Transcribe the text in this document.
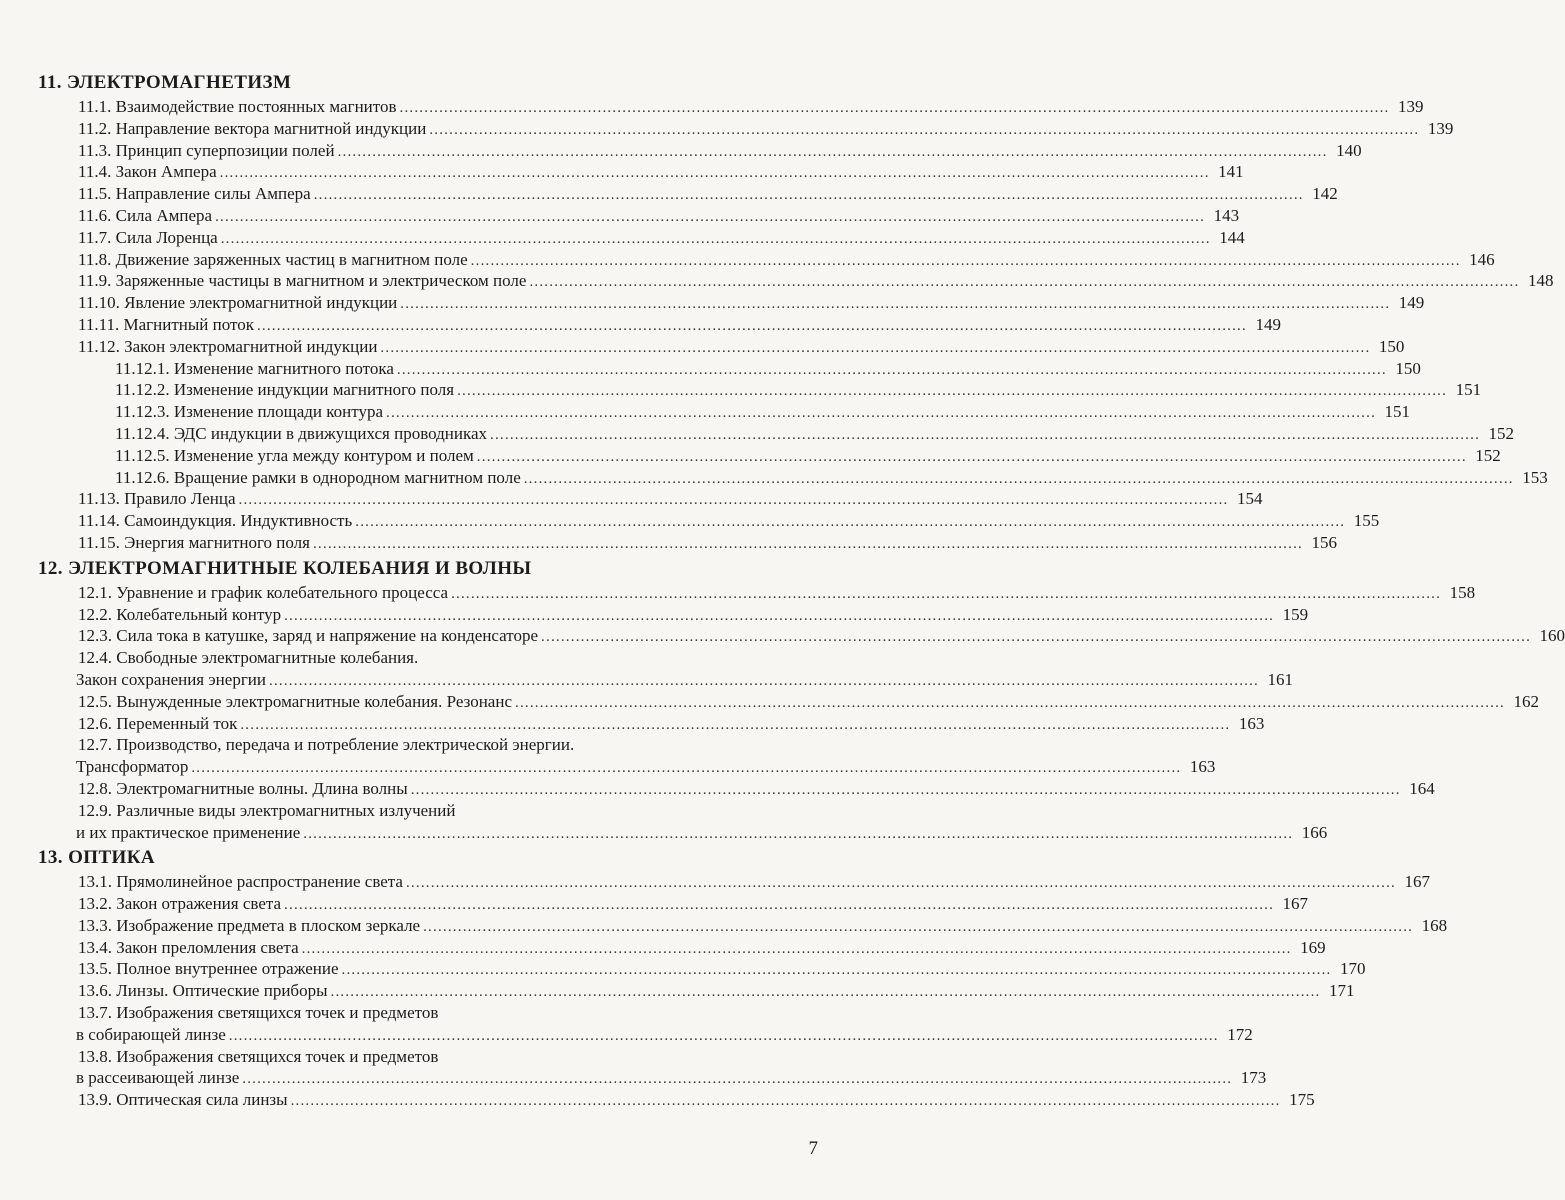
11. ЭЛЕКТРОМАГНЕТИЗМ
11.1. Взаимодействие постоянных магнитов ........................................................................................................................................................................................................ 139
11.2. Направление вектора магнитной индукции ........................................................................................................................................................................................................ 139
11.3. Принцип суперпозиции полей ........................................................................................................................................................................................................ 140
11.4. Закон Ампера ........................................................................................................................................................................................................ 141
11.5. Направление силы Ампера ........................................................................................................................................................................................................ 142
11.6. Сила Ампера ........................................................................................................................................................................................................ 143
11.7. Сила Лоренца ........................................................................................................................................................................................................ 144
11.8. Движение заряженных частиц в магнитном поле ........................................................................................................................................................................................................ 146
11.9. Заряженные частицы в магнитном и электрическом поле ........................................................................................................................................................................................................ 148
11.10. Явление электромагнитной индукции ........................................................................................................................................................................................................ 149
11.11. Магнитный поток ........................................................................................................................................................................................................ 149
11.12. Закон электромагнитной индукции ........................................................................................................................................................................................................ 150
11.12.1. Изменение магнитного потока ........................................................................................................................................................................................................ 150
11.12.2. Изменение индукции магнитного поля ........................................................................................................................................................................................................ 151
11.12.3. Изменение площади контура ........................................................................................................................................................................................................ 151
11.12.4. ЭДС индукции в движущихся проводниках ........................................................................................................................................................................................................ 152
11.12.5. Изменение угла между контуром и полем ........................................................................................................................................................................................................ 152
11.12.6. Вращение рамки в однородном магнитном поле ........................................................................................................................................................................................................ 153
11.13. Правило Ленца ........................................................................................................................................................................................................ 154
11.14. Самоиндукция. Индуктивность ........................................................................................................................................................................................................ 155
11.15. Энергия магнитного поля ........................................................................................................................................................................................................ 156
12. ЭЛЕКТРОМАГНИТНЫЕ КОЛЕБАНИЯ И ВОЛНЫ
12.1. Уравнение и график колебательного процесса ........................................................................................................................................................................................................ 158
12.2. Колебательный контур ........................................................................................................................................................................................................ 159
12.3. Сила тока в катушке, заряд и напряжение на конденсаторе ........................................................................................................................................................................................................ 160
12.4. Свободные электромагнитные колебания.
Закон сохранения энергии ........................................................................................................................................................................................................ 161
12.5. Вынужденные электромагнитные колебания. Резонанс ........................................................................................................................................................................................................ 162
12.6. Переменный ток ........................................................................................................................................................................................................ 163
12.7. Производство, передача и потребление электрической энергии.
Трансформатор ........................................................................................................................................................................................................ 163
12.8. Электромагнитные волны. Длина волны ........................................................................................................................................................................................................ 164
12.9. Различные виды электромагнитных излучений
и их практическое применение ........................................................................................................................................................................................................ 166
13. ОПТИКА
13.1. Прямолинейное распространение света ........................................................................................................................................................................................................ 167
13.2. Закон отражения света ........................................................................................................................................................................................................ 167
13.3. Изображение предмета в плоском зеркале ........................................................................................................................................................................................................ 168
13.4. Закон преломления света ........................................................................................................................................................................................................ 169
13.5. Полное внутреннее отражение ........................................................................................................................................................................................................ 170
13.6. Линзы. Оптические приборы ........................................................................................................................................................................................................ 171
13.7. Изображения светящихся точек и предметов
в собирающей линзе ........................................................................................................................................................................................................ 172
13.8. Изображения светящихся точек и предметов
в рассеивающей линзе ........................................................................................................................................................................................................ 173
13.9. Оптическая сила линзы ........................................................................................................................................................................................................ 175
7
